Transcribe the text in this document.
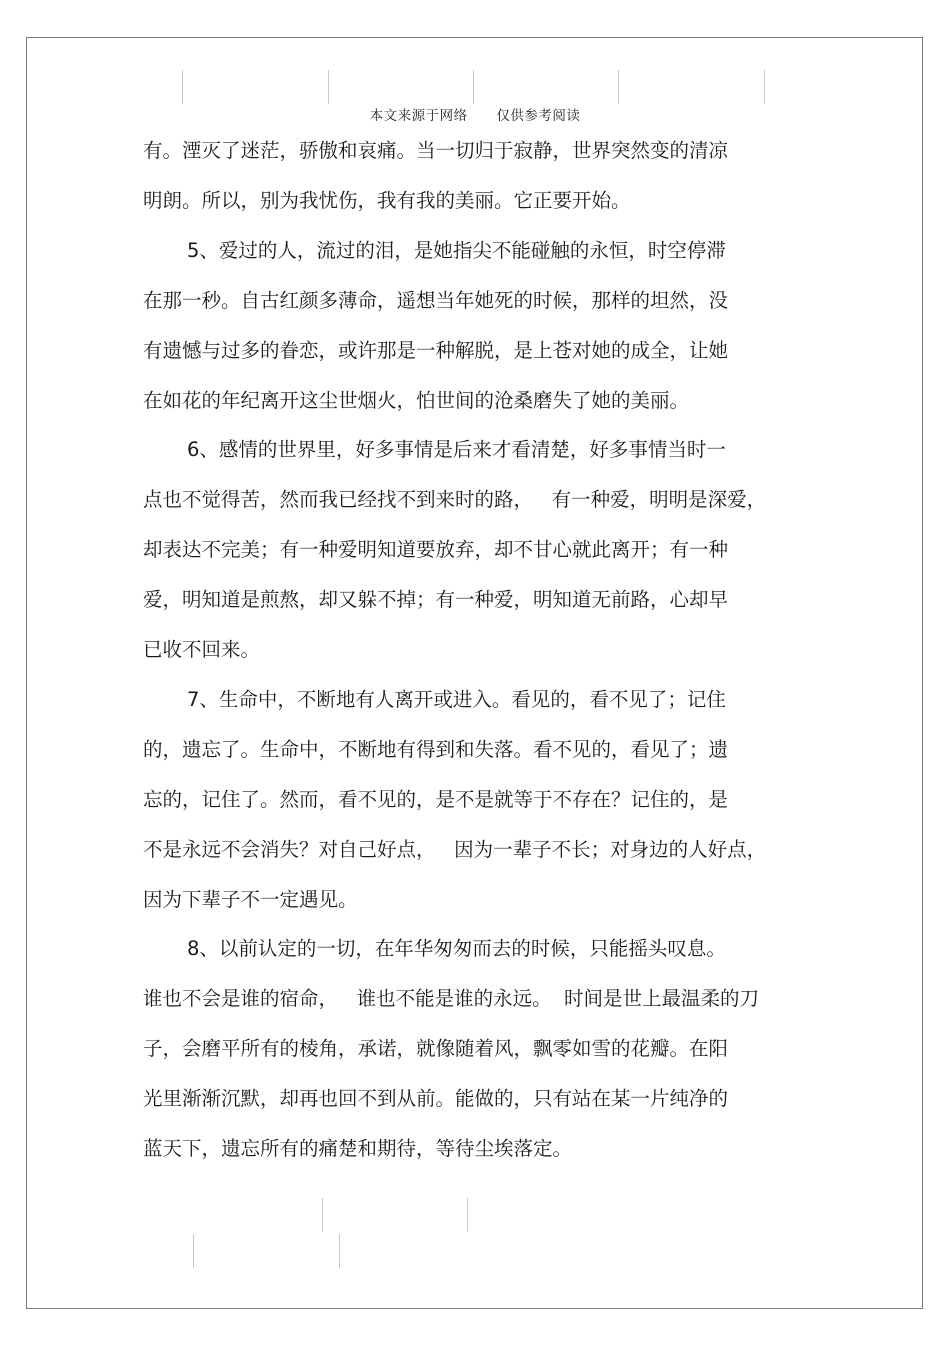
本文来源于网络      仅供参考阅读
有。湮灭了迷茫，骄傲和哀痛。当一切归于寂静，世界突然变的清凉
明朗。所以，别为我忧伤，我有我的美丽。它正要开始。
5、爱过的人，流过的泪，是她指尖不能碰触的永恒，时空停滞
在那一秒。自古红颜多薄命，遥想当年她死的时候，那样的坦然，没
有遗憾与过多的眷恋，或许那是一种解脱，是上苍对她的成全，让她
在如花的年纪离开这尘世烟火，怕世间的沧桑磨失了她的美丽。
6、感情的世界里，好多事情是后来才看清楚，好多事情当时一
点也不觉得苦，然而我已经找不到来时的路，   有一种爱，明明是深爱，
却表达不完美；有一种爱明知道要放弃，却不甘心就此离开；有一种
爱，明知道是煎熬，却又躲不掉；有一种爱，明知道无前路，心却早
已收不回来。
7、生命中，不断地有人离开或进入。看见的，看不见了；记住
的，遗忘了。生命中，不断地有得到和失落。看不见的，看见了；遗
忘的，记住了。然而，看不见的，是不是就等于不存在？记住的，是
不是永远不会消失？对自己好点，   因为一辈子不长；对身边的人好点，
因为下辈子不一定遇见。
8、以前认定的一切，在年华匆匆而去的时候，只能摇头叹息。
谁也不会是谁的宿命，   谁也不能是谁的永远。  时间是世上最温柔的刀
子，会磨平所有的棱角，承诺，就像随着风，飘零如雪的花瓣。在阳
光里渐渐沉默，却再也回不到从前。能做的，只有站在某一片纯净的
蓝天下，遗忘所有的痛楚和期待，等待尘埃落定。
